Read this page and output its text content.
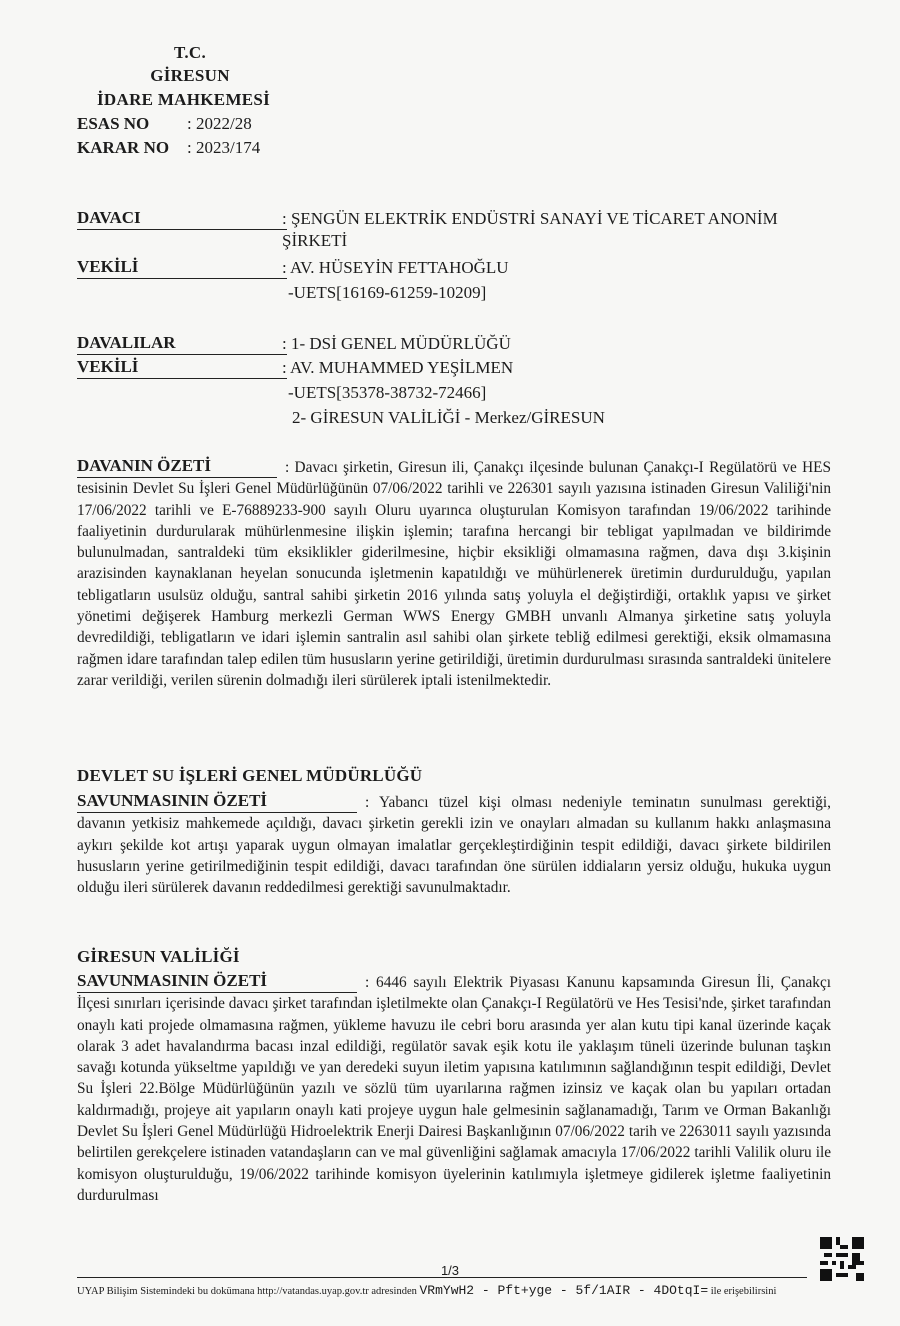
T.C.
GİRESUN
İDARE MAHKEMESİ
ESAS NO : 2022/28
KARAR NO : 2023/174
DAVACI	: ŞENGÜN ELEKTRİK ENDÜSTRİ SANAYİ VE TİCARET ANONİM ŞİRKETİ
VEKİLİ	: AV. HÜSEYİN FETTAHOĞLU
-UETS[16169-61259-10209]
DAVALILAR	: 1- DSİ GENEL MÜDÜRLÜĞÜ
VEKİLİ	: AV. MUHAMMED YEŞİLMEN
-UETS[35378-38732-72466]
2- GİRESUN VALİLİĞİ - Merkez/GİRESUN
DAVANIN ÖZETİ	: Davacı şirketin, Giresun ili, Çanakçı ilçesinde bulunan Çanakçı-I Regülatörü ve HES tesisinin Devlet Su İşleri Genel Müdürlüğünün 07/06/2022 tarihli ve 226301 sayılı yazısına istinaden Giresun Valiliği'nin 17/06/2022 tarihli ve E-76889233-900 sayılı Oluru uyarınca oluşturulan Komisyon tarafından 19/06/2022 tarihinde faaliyetinin durdurularak mühürlenmesine ilişkin işlemin; tarafına hercangi bir tebligat yapılmadan ve bildirimde bulunulmadan, santraldeki tüm eksiklikler giderilmesine, hiçbir eksikliği olmamasına rağmen, dava dışı 3.kişinin arazisinden kaynaklanan heyelan sonucunda işletmenin kapatıldığı ve mühürlenerek üretimin durdurulduğu, yapılan tebligatların usulsüz olduğu, santral sahibi şirketin 2016 yılında satış yoluyla el değiştirdiği, ortaklık yapısı ve şirket yönetimi değişerek Hamburg merkezli German WWS Energy GMBH unvanlı Almanya şirketine satış yoluyla devredildiği, tebligatların ve idari işlemin santralin asıl sahibi olan şirkete tebliğ edilmesi gerektiği, eksik olmamasına rağmen idare tarafından talep edilen tüm hususların yerine getirildiği, üretimin durdurulması sırasında santraldeki ünitelere zarar verildiği, verilen sürenin dolmadığı ileri sürülerek iptali istenilmektedir.
DEVLET SU İŞLERİ GENEL MÜDÜRLÜĞÜ
SAVUNMASININ ÖZETİ	: Yabancı tüzel kişi olması nedeniyle teminatın sunulması gerektiği, davanın yetkisiz mahkemede açıldığı, davacı şirketin gerekli izin ve onayları almadan su kullanım hakkı anlaşmasına aykırı şekilde kot artışı yaparak uygun olmayan imalatlar gerçekleştirdiğinin tespit edildiği, davacı şirkete bildirilen hususların yerine getirilmediğinin tespit edildiği, davacı tarafından öne sürülen iddiaların yersiz olduğu, hukuka uygun olduğu ileri sürülerek davanın reddedilmesi gerektiği savunulmaktadır.
GİRESUN VALİLİĞİ
SAVUNMASININ ÖZETİ	: 6446 sayılı Elektrik Piyasası Kanunu kapsamında Giresun İli, Çanakçı İlçesi sınırları içerisinde davacı şirket tarafından işletilmekte olan Çanakçı-I Regülatörü ve Hes Tesisi'nde, şirket tarafından onaylı kati projede olmamasına rağmen, yükleme havuzu ile cebri boru arasında yer alan kutu tipi kanal üzerinde kaçak olarak 3 adet havalandırma bacası inzal edildiği, regülatör savak eşik kotu ile yaklaşım tüneli üzerinde bulunan taşkın savağı kotunda yükseltme yapıldığı ve yan deredeki suyun iletim yapısına katılımının sağlandığının tespit edildiği, Devlet Su İşleri 22.Bölge Müdürlüğünün yazılı ve sözlü tüm uyarılarına rağmen izinsiz ve kaçak olan bu yapıları ortadan kaldırmadığı, projeye ait yapıların onaylı kati projeye uygun hale gelmesinin sağlanamadığı, Tarım ve Orman Bakanlığı Devlet Su İşleri Genel Müdürlüğü Hidroelektrik Enerji Dairesi Başkanlığının 07/06/2022 tarih ve 2263011 sayılı yazısında belirtilen gerekçelere istinaden vatandaşların can ve mal güvenliğini sağlamak amacıyla 17/06/2022 tarihli Valilik oluru ile komisyon oluşturulduğu, 19/06/2022 tarihinde komisyon üyelerinin katılımıyla işletmeye gidilerek işletme faaliyetinin durdurulması
1/3
UYAP Bilişim Sistemindeki bu dokümana http://vatandas.uyap.gov.tr adresinden VRmYwH2 - Pft+yge - 5f/1AIR - 4DOtqI= ile erişebilirsini
